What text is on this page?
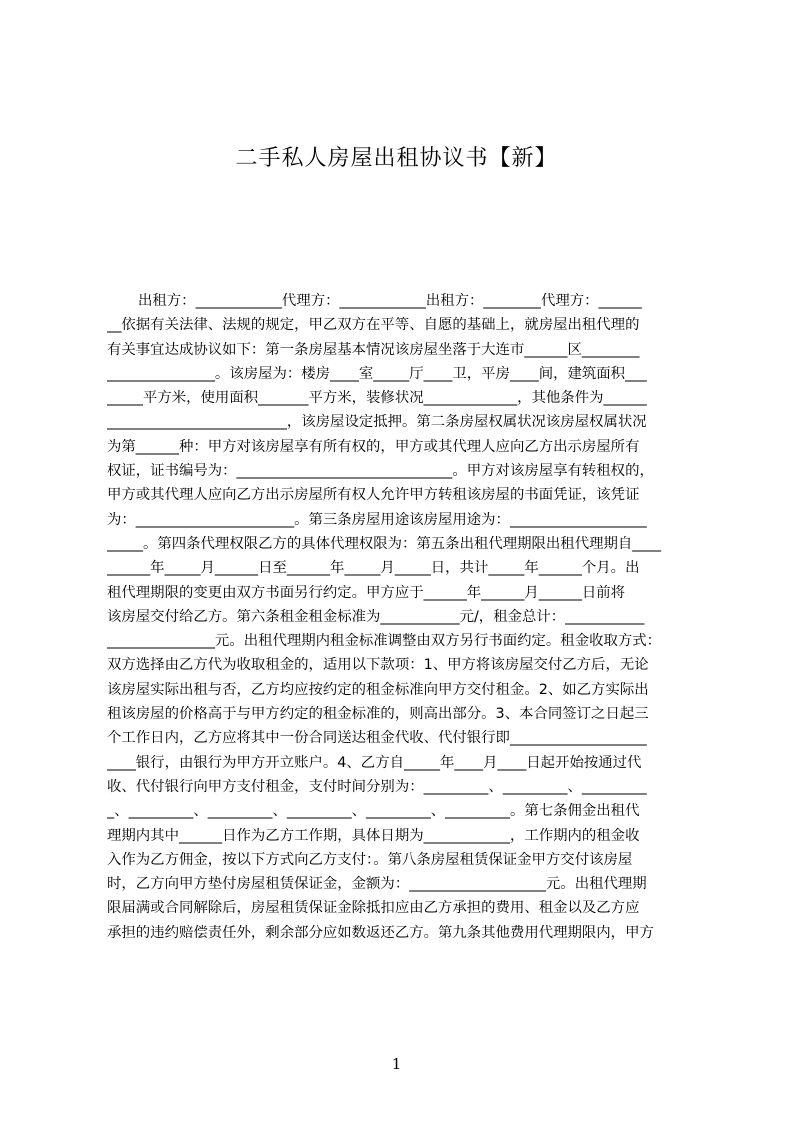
二手私人房屋出租协议书【新】
出租方：____________代理方：____________出租方：________代理方：______
__依据有关法律、法规的规定，甲乙双方在平等、自愿的基础上，就房屋出租代理的
有关事宜达成协议如下：第一条房屋基本情况该房屋坐落于大连市______区________
_______________。该房屋为：楼房____室_____厅____卫，平房____间，建筑面积___
_____平方米，使用面积_______平方米，装修状况_____________，其他条件为______
_________________________，该房屋设定抵押。第二条房屋权属状况该房屋权属状况
为第______种：甲方对该房屋享有所有权的，甲方或其代理人应向乙方出示房屋所有
权证，证书编号为：______________________________。甲方对该房屋享有转租权的，
甲方或其代理人应向乙方出示房屋所有权人允许甲方转租该房屋的书面凭证，该凭证
为：______________________。第三条房屋用途该房屋用途为：___________________
_____。第四条代理权限乙方的具体代理权限为：第五条出租代理期限出租代理期自____
______年_____月______日至______年_____月_____日，共计_____年______个月。出
租代理期限的变更由双方书面另行约定。甲方应于______年______月______日前将
该房屋交付给乙方。第六条租金租金标准为___________元/，租金总计：___________
_______________元。出租代理期内租金标准调整由双方另行书面约定。租金收取方式：
双方选择由乙方代为收取租金的，适用以下款项：1、甲方将该房屋交付乙方后，无论
该房屋实际出租与否，乙方均应按约定的租金标准向甲方交付租金。2、如乙方实际出
租该房屋的价格高于与甲方约定的租金标准的，则高出部分。3、本合同签订之日起三
个工作日内，乙方应将其中一份合同送达租金代收、代付银行即___________________
____银行，由银行为甲方开立账户。4、乙方自_____年____月____日起开始按通过代
收、代付银行向甲方支付租金，支付时间分别为：_________、_________、_________
_、_________、_________、_________、_________、_________。第七条佣金出租代
理期内其中______日作为乙方工作期，具体日期为____________，工作期内的租金收
入作为乙方佣金，按以下方式向乙方支付：。第八条房屋租赁保证金甲方交付该房屋
时，乙方向甲方垫付房屋租赁保证金，金额为：___________________元。出租代理期
限届满或合同解除后，房屋租赁保证金除抵扣应由乙方承担的费用、租金以及乙方应
承担的违约赔偿责任外，剩余部分应如数返还乙方。第九条其他费用代理期限内，甲方
1
